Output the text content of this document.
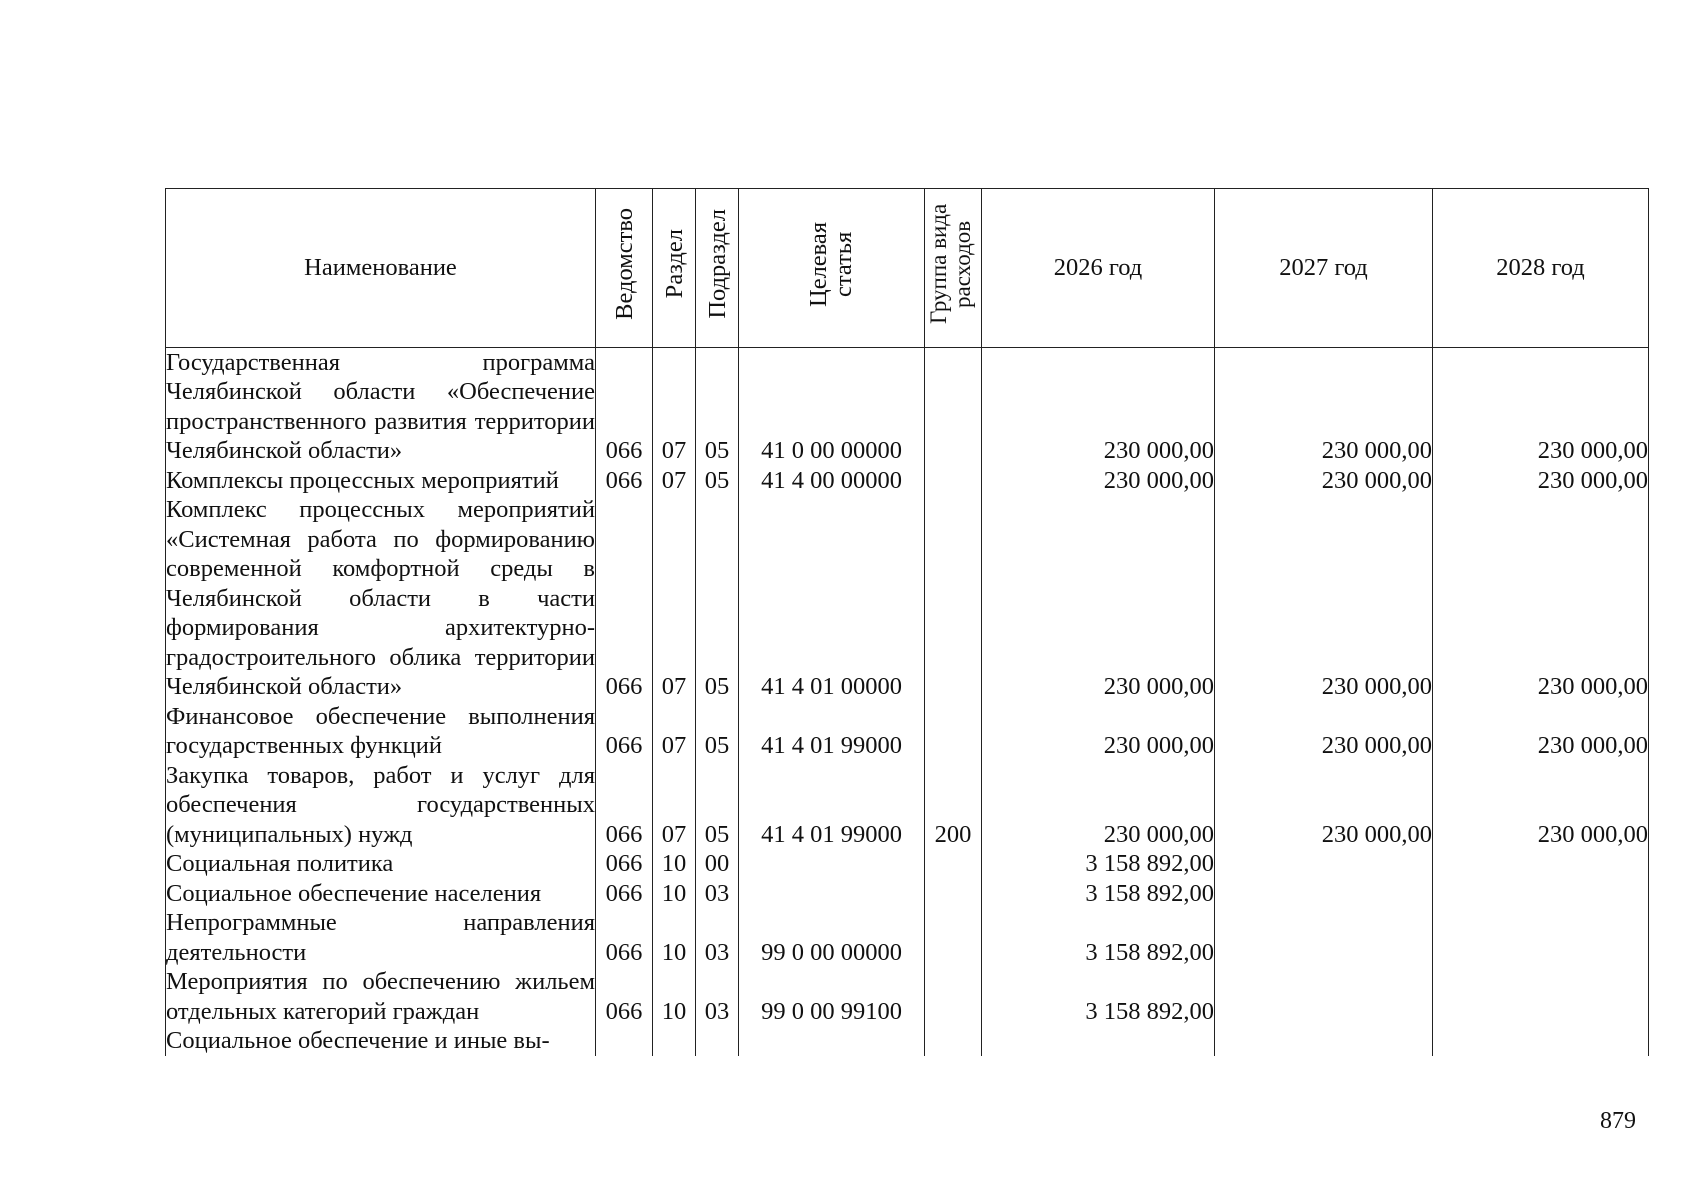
Наименование	Ведомство	Раздел	Подраздел	Целевая статья	Группа вида расходов	2026 год	2027 год	2028 год
Государственная программа Челябинской области «Обеспечение пространственного развития территории Челябинской области»	066	07	05	41 0 00 00000		230 000,00	230 000,00	230 000,00
Комплексы процессных мероприятий	066	07	05	41 4 00 00000		230 000,00	230 000,00	230 000,00
Комплекс процессных мероприятий «Системная работа по формированию современной комфортной среды в Челябинской области в части формирования архитектурно-градостроительного облика территории Челябинской области»	066	07	05	41 4 01 00000		230 000,00	230 000,00	230 000,00
Финансовое обеспечение выполнения государственных функций	066	07	05	41 4 01 99000		230 000,00	230 000,00	230 000,00
Закупка товаров, работ и услуг для обеспечения государственных (муниципальных) нужд	066	07	05	41 4 01 99000	200	230 000,00	230 000,00	230 000,00
Социальная политика	066	10	00			3 158 892,00		
Социальное обеспечение населения	066	10	03			3 158 892,00		
Непрограммные направления деятельности	066	10	03	99 0 00 00000		3 158 892,00		
Мероприятия по обеспечению жильем отдельных категорий граждан	066	10	03	99 0 00 99100		3 158 892,00		
Социальное обеспечение и иные вы-								
879
